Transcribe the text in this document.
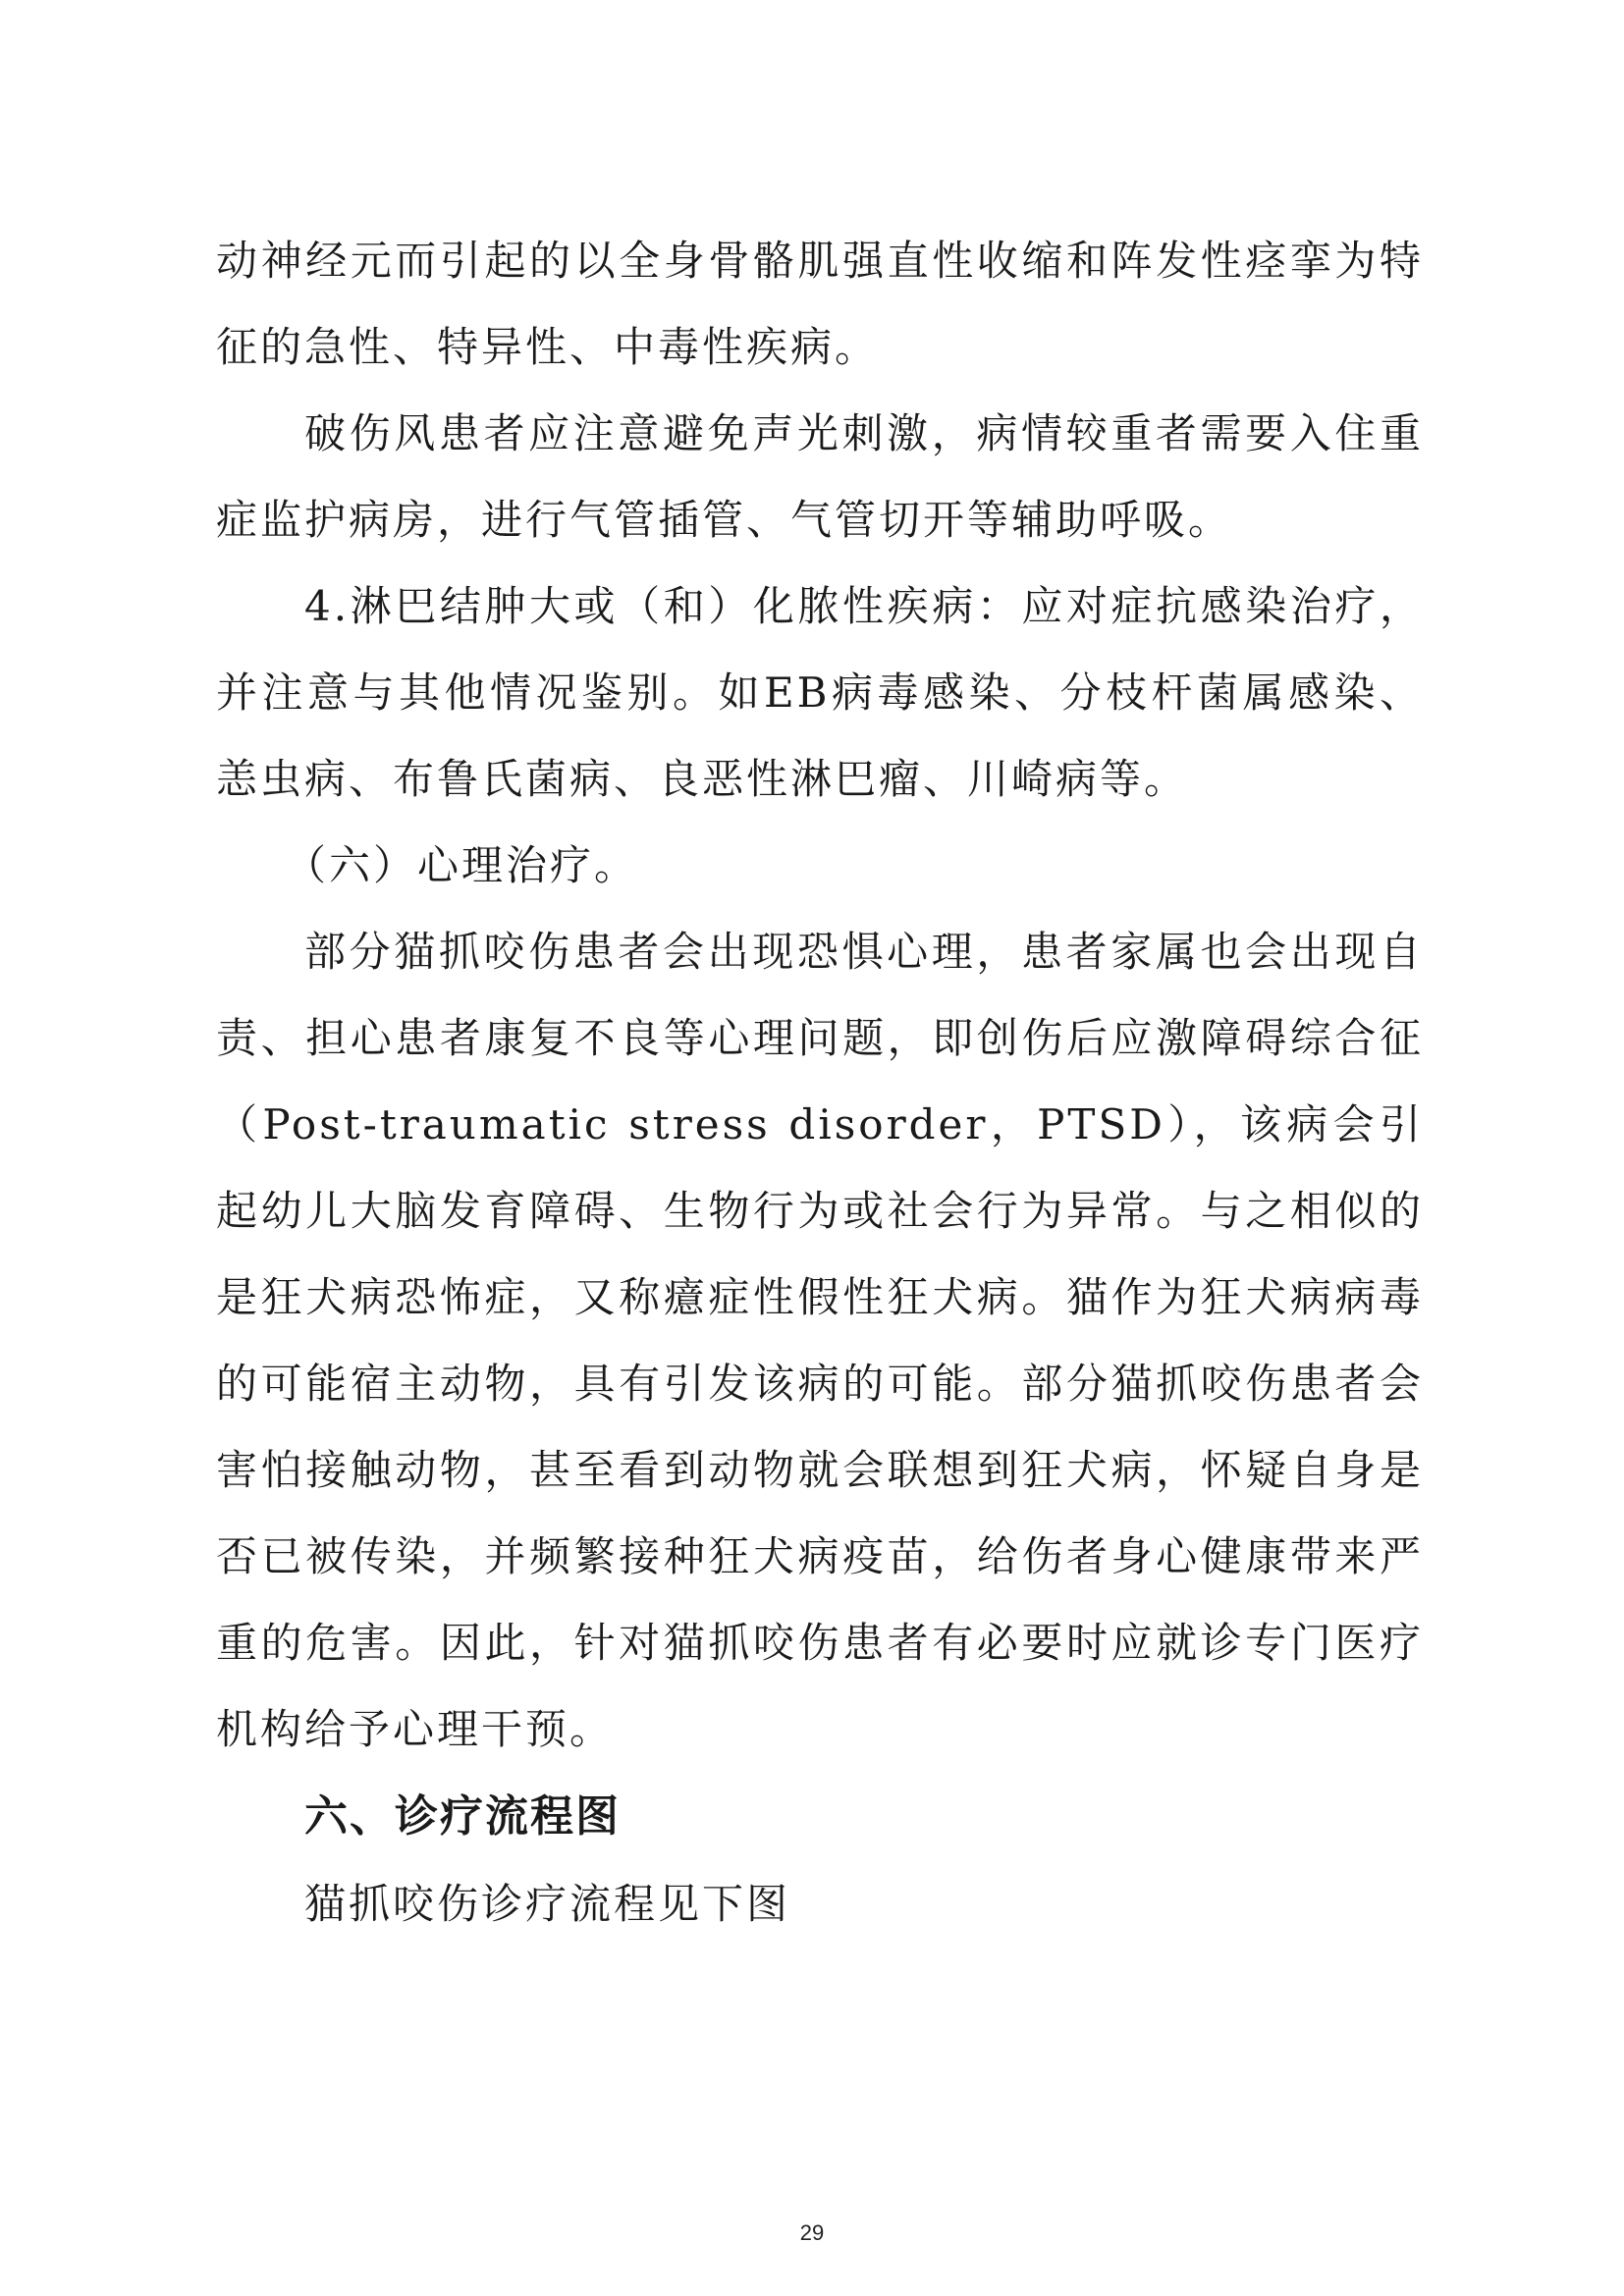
动神经元而引起的以全身骨骼肌强直性收缩和阵发性痉挛为特征的急性、特异性、中毒性疾病。

破伤风患者应注意避免声光刺激，病情较重者需要入住重症监护病房，进行气管插管、气管切开等辅助呼吸。

4.淋巴结肿大或（和）化脓性疾病：应对症抗感染治疗，并注意与其他情况鉴别。如EB病毒感染、分枝杆菌属感染、恙虫病、布鲁氏菌病、良恶性淋巴瘤、川崎病等。

（六）心理治疗。

部分猫抓咬伤患者会出现恐惧心理，患者家属也会出现自责、担心患者康复不良等心理问题，即创伤后应激障碍综合征（Post-traumatic stress disorder，PTSD），该病会引起幼儿大脑发育障碍、生物行为或社会行为异常。与之相似的是狂犬病恐怖症，又称癔症性假性狂犬病。猫作为狂犬病病毒的可能宿主动物，具有引发该病的可能。部分猫抓咬伤患者会害怕接触动物，甚至看到动物就会联想到狂犬病，怀疑自身是否已被传染，并频繁接种狂犬病疫苗，给伤者身心健康带来严重的危害。因此，针对猫抓咬伤患者有必要时应就诊专门医疗机构给予心理干预。

六、诊疗流程图

猫抓咬伤诊疗流程见下图

29
